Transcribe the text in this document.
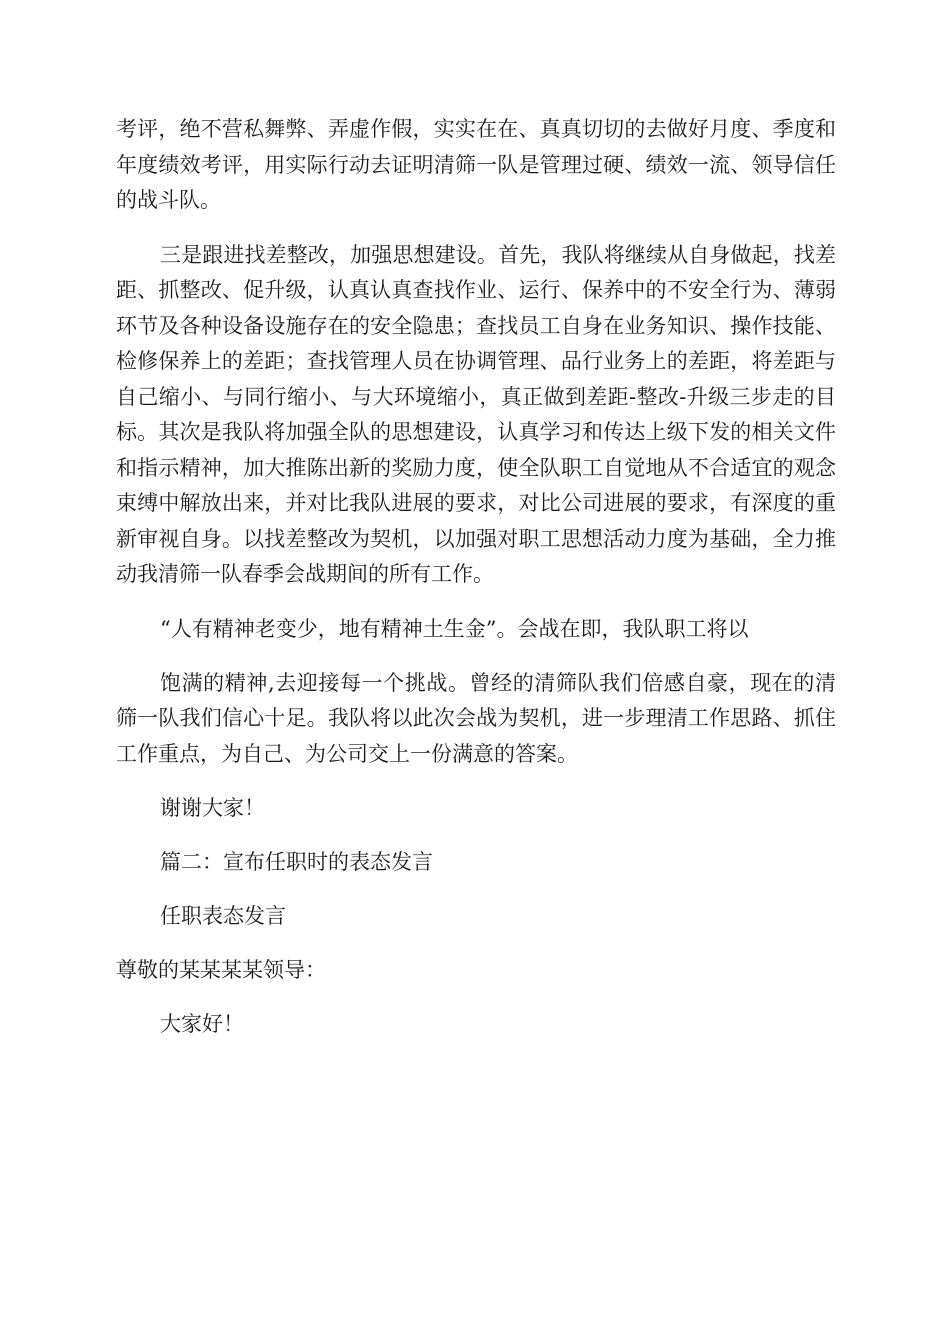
考评，绝不营私舞弊、弄虚作假，实实在在、真真切切的去做好月度、季度和年度绩效考评，用实际行动去证明清筛一队是管理过硬、绩效一流、领导信任的战斗队。

三是跟进找差整改，加强思想建设。首先，我队将继续从自身做起，找差距、抓整改、促升级，认真认真查找作业、运行、保养中的不安全行为、薄弱环节及各种设备设施存在的安全隐患；查找员工自身在业务知识、操作技能、检修保养上的差距；查找管理人员在协调管理、品行业务上的差距，将差距与自己缩小、与同行缩小、与大环境缩小，真正做到差距-整改-升级三步走的目标。其次是我队将加强全队的思想建设，认真学习和传达上级下发的相关文件和指示精神，加大推陈出新的奖励力度，使全队职工自觉地从不合适宜的观念束缚中解放出来，并对比我队进展的要求，对比公司进展的要求，有深度的重新审视自身。以找差整改为契机，以加强对职工思想活动力度为基础，全力推动我清筛一队春季会战期间的所有工作。

“人有精神老变少，地有精神土生金”。会战在即，我队职工将以

饱满的精神,去迎接每一个挑战。曾经的清筛队我们倍感自豪，现在的清筛一队我们信心十足。我队将以此次会战为契机，进一步理清工作思路、抓住工作重点，为自己、为公司交上一份满意的答案。

谢谢大家！

篇二：宣布任职时的表态发言

任职表态发言

尊敬的某某某某领导：

大家好！
